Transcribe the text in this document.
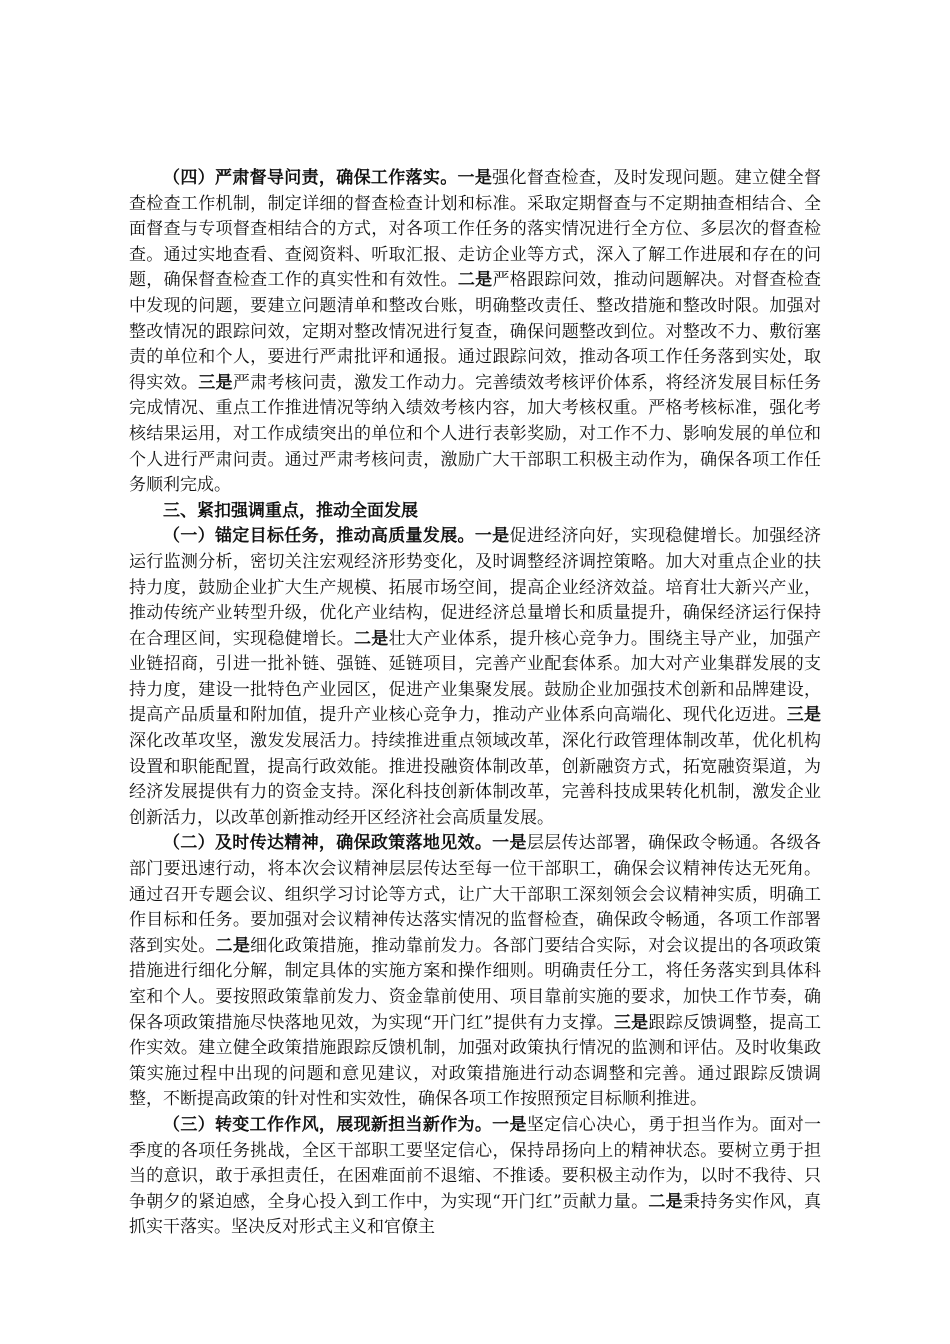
（四）严肃督导问责，确保工作落实。一是强化督查检查，及时发现问题。建立健全督查检查工作机制，制定详细的督查检查计划和标准。采取定期督查与不定期抽查相结合、全面督查与专项督查相结合的方式，对各项工作任务的落实情况进行全方位、多层次的督查检查。通过实地查看、查阅资料、听取汇报、走访企业等方式，深入了解工作进展和存在的问题，确保督查检查工作的真实性和有效性。二是严格跟踪问效，推动问题解决。对督查检查中发现的问题，要建立问题清单和整改台账，明确整改责任、整改措施和整改时限。加强对整改情况的跟踪问效，定期对整改情况进行复查，确保问题整改到位。对整改不力、敷衍塞责的单位和个人，要进行严肃批评和通报。通过跟踪问效，推动各项工作任务落到实处，取得实效。三是严肃考核问责，激发工作动力。完善绩效考核评价体系，将经济发展目标任务完成情况、重点工作推进情况等纳入绩效考核内容，加大考核权重。严格考核标准，强化考核结果运用，对工作成绩突出的单位和个人进行表彰奖励，对工作不力、影响发展的单位和个人进行严肃问责。通过严肃考核问责，激励广大干部职工积极主动作为，确保各项工作任务顺利完成。

三、紧扣强调重点，推动全面发展

（一）锚定目标任务，推动高质量发展。一是促进经济向好，实现稳健增长。加强经济运行监测分析，密切关注宏观经济形势变化，及时调整经济调控策略。加大对重点企业的扶持力度，鼓励企业扩大生产规模、拓展市场空间，提高企业经济效益。培育壮大新兴产业，推动传统产业转型升级，优化产业结构，促进经济总量增长和质量提升，确保经济运行保持在合理区间，实现稳健增长。二是壮大产业体系，提升核心竞争力。围绕主导产业，加强产业链招商，引进一批补链、强链、延链项目，完善产业配套体系。加大对产业集群发展的支持力度，建设一批特色产业园区，促进产业集聚发展。鼓励企业加强技术创新和品牌建设，提高产品质量和附加值，提升产业核心竞争力，推动产业体系向高端化、现代化迈进。三是深化改革攻坚，激发发展活力。持续推进重点领域改革，深化行政管理体制改革，优化机构设置和职能配置，提高行政效能。推进投融资体制改革，创新融资方式，拓宽融资渠道，为经济发展提供有力的资金支持。深化科技创新体制改革，完善科技成果转化机制，激发企业创新活力，以改革创新推动经开区经济社会高质量发展。

（二）及时传达精神，确保政策落地见效。一是层层传达部署，确保政令畅通。各级各部门要迅速行动，将本次会议精神层层传达至每一位干部职工，确保会议精神传达无死角。通过召开专题会议、组织学习讨论等方式，让广大干部职工深刻领会会议精神实质，明确工作目标和任务。要加强对会议精神传达落实情况的监督检查，确保政令畅通，各项工作部署落到实处。二是细化政策措施，推动靠前发力。各部门要结合实际，对会议提出的各项政策措施进行细化分解，制定具体的实施方案和操作细则。明确责任分工，将任务落实到具体科室和个人。要按照政策靠前发力、资金靠前使用、项目靠前实施的要求，加快工作节奏，确保各项政策措施尽快落地见效，为实现“开门红”提供有力支撑。三是跟踪反馈调整，提高工作实效。建立健全政策措施跟踪反馈机制，加强对政策执行情况的监测和评估。及时收集政策实施过程中出现的问题和意见建议，对政策措施进行动态调整和完善。通过跟踪反馈调整，不断提高政策的针对性和实效性，确保各项工作按照预定目标顺利推进。

（三）转变工作作风，展现新担当新作为。一是坚定信心决心，勇于担当作为。面对一季度的各项任务挑战，全区干部职工要坚定信心，保持昂扬向上的精神状态。要树立勇于担当的意识，敢于承担责任，在困难面前不退缩、不推诿。要积极主动作为，以时不我待、只争朝夕的紧迫感，全身心投入到工作中，为实现“开门红”贡献力量。二是秉持务实作风，真抓实干落实。坚决反对形式主义和官僚主
